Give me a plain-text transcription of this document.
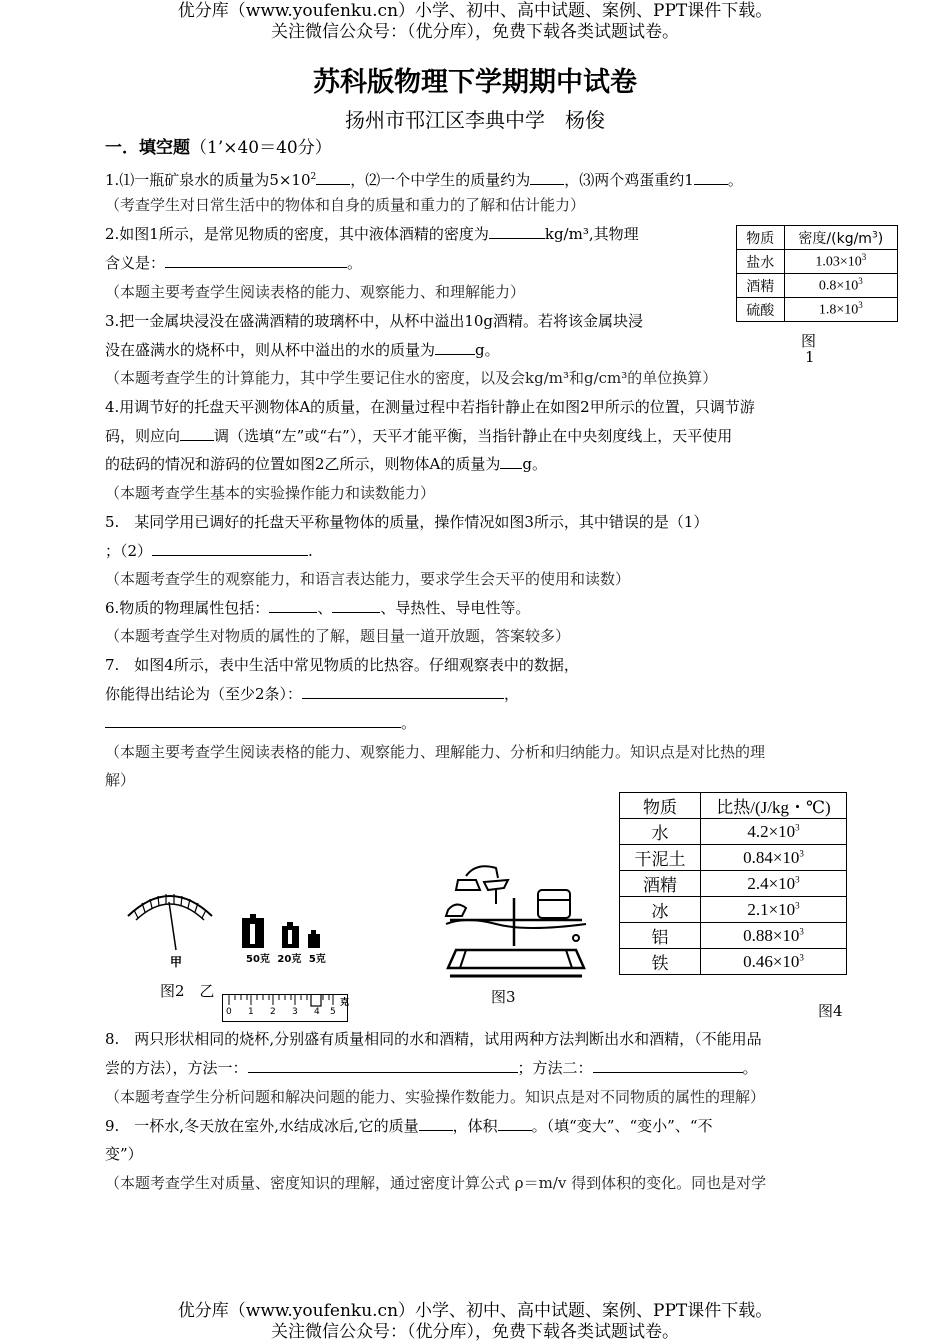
优分库（www.youfenku.cn）小学、初中、高中试题、案例、PPT课件下载。
关注微信公众号：（优分库），免费下载各类试题试卷。
苏科版物理下学期期中试卷
扬州市邗江区李典中学　杨俊
一．填空题（1’×40＝40分）
1.⑴一瓶矿泉水的质量为$5\times 10^2$ ，⑵一个中学生的质量约为 ，⑶两个鸡蛋重约1 。
（考查学生对日常生活中的物体和自身的质量和重力的了解和估计能力）
2.如图1所示，是常见物质的密度，其中液体酒精的密度为	kg/m³,其物理
含义是：	。
（本题主要考查学生阅读表格的能力、观察能力、和理解能力）
3.把一金属块浸没在盛满酒精的玻璃杯中，从杯中溢出10g酒精。若将该金属块浸
没在盛满水的烧杯中，则从杯中溢出的水的质量为	g。
（本题考查学生的计算能力，其中学生要记住水的密度，以及会kg/m³和g/cm³的单位换算）
物质	密度$/(kg/m^3)$
盐水	$1.03\times 10^3$
酒精	$0.8\times 10^3$
硫酸	$1.8\times 10^3$
图
1
4.用调节好的托盘天平测物体A的质量，在测量过程中若指针静止在如图2甲所示的位置，只调节游
码，则应向 调（选填“左”或“右”），天平才能平衡，当指针静止在中央刻度线上，天平使用
的砝码的情况和游码的位置如图2乙所示，则物体A的质量为 g。
（本题考查学生基本的实验操作能力和读数能力）
5.　某同学用已调好的托盘天平称量物体的质量，操作情况如图3所示，其中错误的是（1）
；（2）	.
（本题考查学生的观察能力，和语言表达能力，要求学生会天平的使用和读数）
6.物质的物理属性包括：	、	、导热性、导电性等。
（本题考查学生对物质的属性的了解，题目量一道开放题，答案较多）
7.　如图4所示，表中生活中常见物质的比热容。仔细观察表中的数据，
你能得出结论为（至少2条）：	，
。
（本题主要考查学生阅读表格的能力、观察能力、理解能力、分析和归纳能力。知识点是对比热的理
解）
物质	比热/(J/kg・℃)
水	$4.2\times 10^3$
干泥土	$0.84\times 10^3$
酒精	$2.4\times 10^3$
冰	$2.1\times 10^3$
铝	$0.88\times 10^3$
铁	$0.46\times 10^3$
图4
甲	50克 20克 5克
图2　乙
0 1 2 3 4 5
克	图3
8.　两只形状相同的烧杯,分别盛有质量相同的水和酒精，试用两种方法判断出水和酒精，（不能用品
尝的方法），方法一：	；方法二：	。
（本题考查学生分析问题和解决问题的能力、实验操作数能力。知识点是对不同物质的属性的理解）
9.　一杯水,冬天放在室外,水结成冰后,它的质量 ，体积 。（填“变大”、“变小”、“不
变”）
（本题考查学生对质量、密度知识的理解，通过密度计算公式 ρ＝m/v 得到体积的变化。同也是对学
优分库（www.youfenku.cn）小学、初中、高中试题、案例、PPT课件下载。
关注微信公众号：（优分库），免费下载各类试题试卷。
